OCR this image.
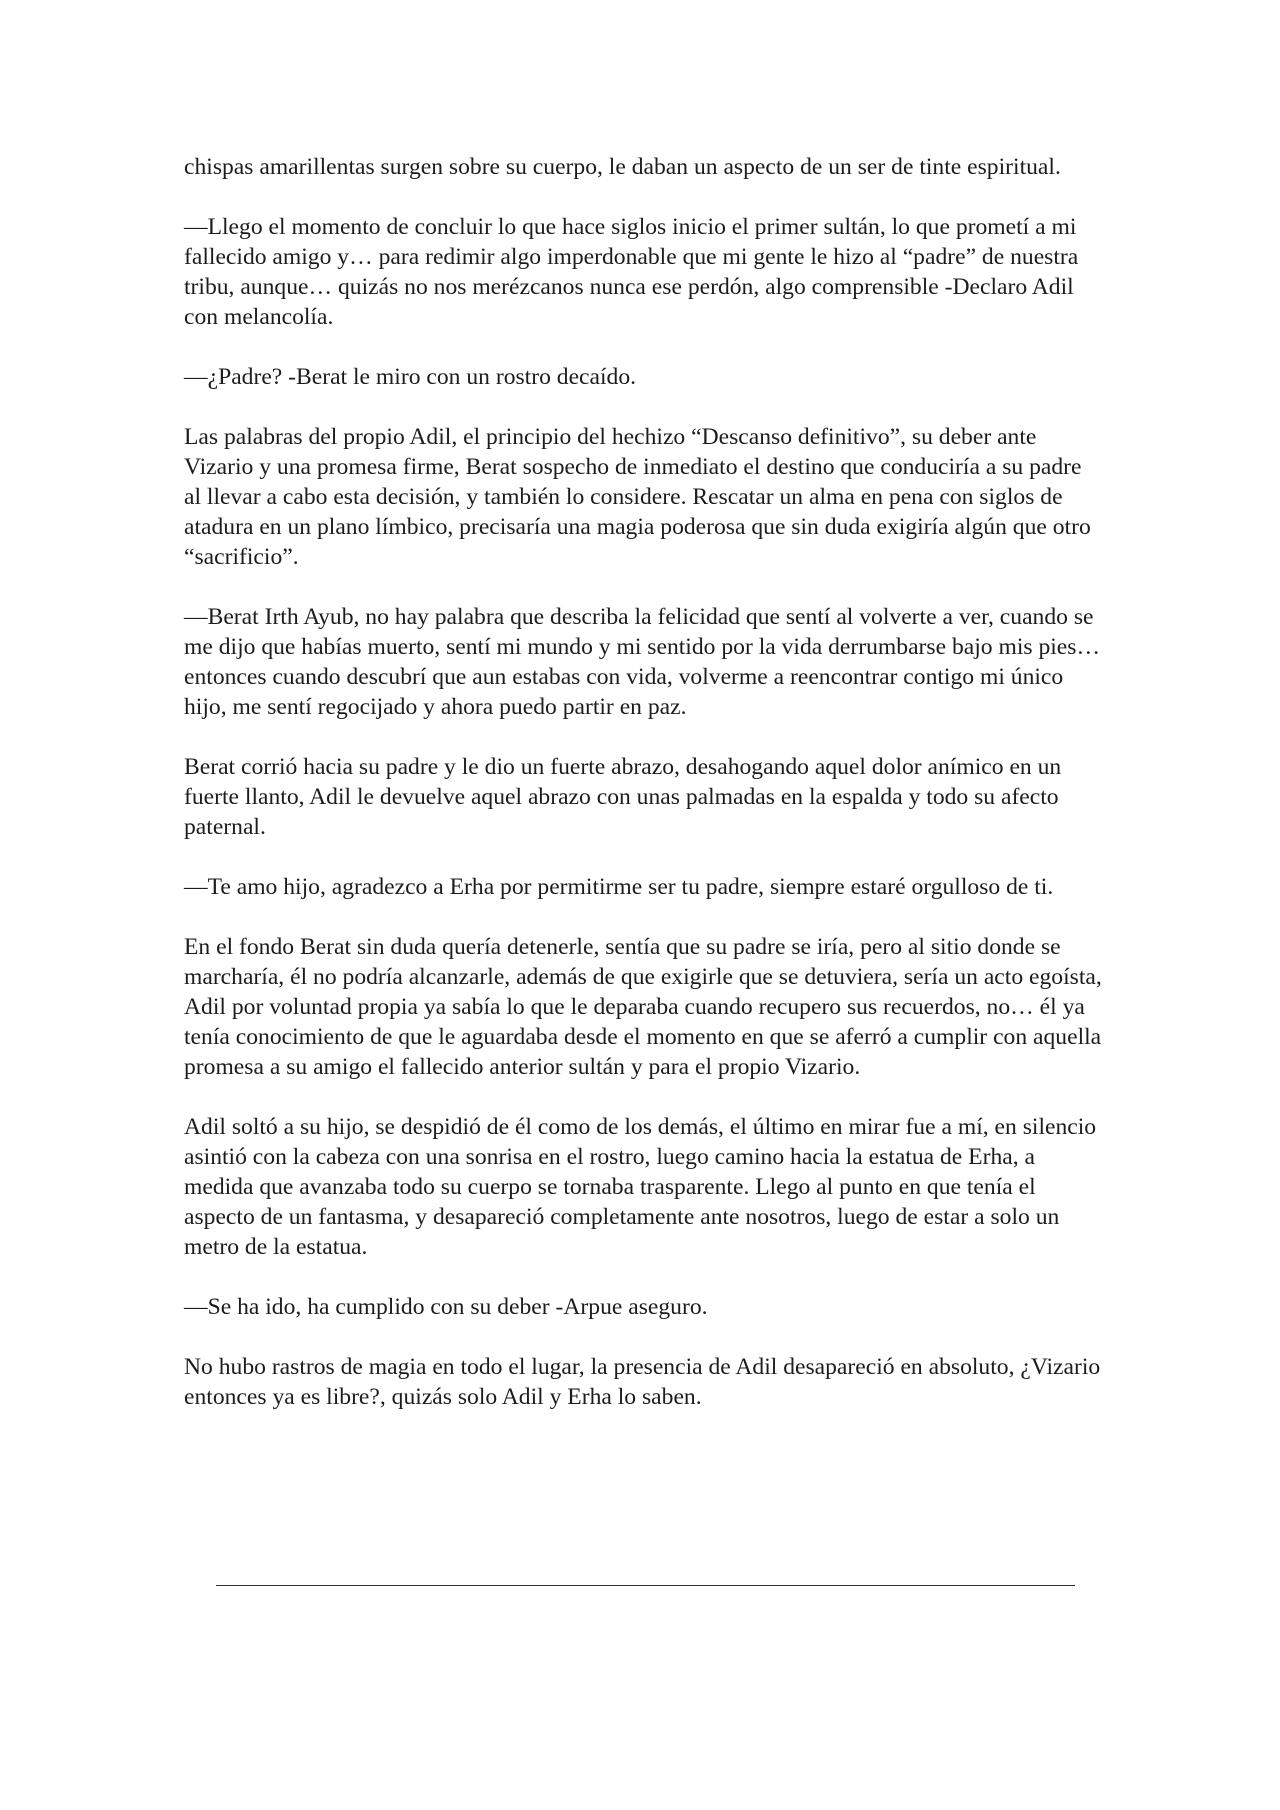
chispas amarillentas surgen sobre su cuerpo, le daban un aspecto de un ser de tinte espiritual.

—Llego el momento de concluir lo que hace siglos inicio el primer sultán, lo que prometí a mi fallecido amigo y… para redimir algo imperdonable que mi gente le hizo al “padre” de nuestra tribu, aunque… quizás no nos merézcanos nunca ese perdón, algo comprensible -Declaro Adil con melancolía.

—¿Padre? -Berat le miro con un rostro decaído.

Las palabras del propio Adil, el principio del hechizo “Descanso definitivo”, su deber ante Vizario y una promesa firme, Berat sospecho de inmediato el destino que conduciría a su padre al llevar a cabo esta decisión, y también lo considere. Rescatar un alma en pena con siglos de atadura en un plano límbico, precisaría una magia poderosa que sin duda exigiría algún que otro “sacrificio”.

—Berat Irth Ayub, no hay palabra que describa la felicidad que sentí al volverte a ver, cuando se me dijo que habías muerto, sentí mi mundo y mi sentido por la vida derrumbarse bajo mis pies… entonces cuando descubrí que aun estabas con vida, volverme a reencontrar contigo mi único hijo, me sentí regocijado y ahora puedo partir en paz.

Berat corrió hacia su padre y le dio un fuerte abrazo, desahogando aquel dolor anímico en un fuerte llanto, Adil le devuelve aquel abrazo con unas palmadas en la espalda y todo su afecto paternal.

—Te amo hijo, agradezco a Erha por permitirme ser tu padre, siempre estaré orgulloso de ti.

En el fondo Berat sin duda quería detenerle, sentía que su padre se iría, pero al sitio donde se marcharía, él no podría alcanzarle, además de que exigirle que se detuviera, sería un acto egoísta, Adil por voluntad propia ya sabía lo que le deparaba cuando recupero sus recuerdos, no… él ya tenía conocimiento de que le aguardaba desde el momento en que se aferró a cumplir con aquella promesa a su amigo el fallecido anterior sultán y para el propio Vizario.

Adil soltó a su hijo, se despidió de él como de los demás, el último en mirar fue a mí, en silencio asintió con la cabeza con una sonrisa en el rostro, luego camino hacia la estatua de Erha, a medida que avanzaba todo su cuerpo se tornaba trasparente. Llego al punto en que tenía el aspecto de un fantasma, y desapareció completamente ante nosotros, luego de estar a solo un metro de la estatua.

—Se ha ido, ha cumplido con su deber -Arpue aseguro.

No hubo rastros de magia en todo el lugar, la presencia de Adil desapareció en absoluto, ¿Vizario entonces ya es libre?, quizás solo Adil y Erha lo saben.
